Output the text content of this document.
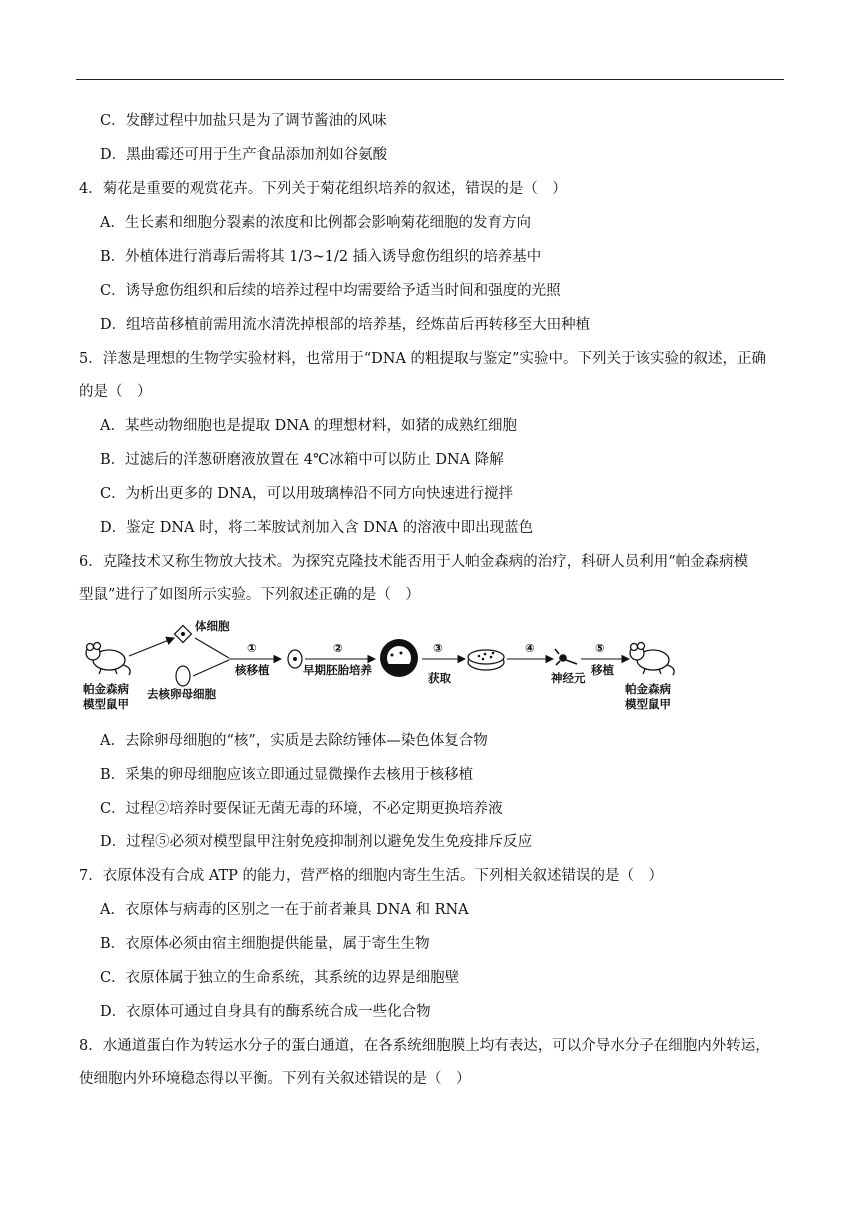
C．发酵过程中加盐只是为了调节酱油的风味
D．黑曲霉还可用于生产食品添加剂如谷氨酸
4．菊花是重要的观赏花卉。下列关于菊花组织培养的叙述，错误的是（　）
A．生长素和细胞分裂素的浓度和比例都会影响菊花细胞的发育方向
B．外植体进行消毒后需将其 1/3~1/2 插入诱导愈伤组织的培养基中
C．诱导愈伤组织和后续的培养过程中均需要给予适当时间和强度的光照
D．组培苗移植前需用流水清洗掉根部的培养基，经炼苗后再转移至大田种植
5．洋葱是理想的生物学实验材料，也常用于“DNA 的粗提取与鉴定”实验中。下列关于该实验的叙述，正确
的是（　）
A．某些动物细胞也是提取 DNA 的理想材料，如猪的成熟红细胞
B．过滤后的洋葱研磨液放置在 4℃冰箱中可以防止 DNA 降解
C．为析出更多的 DNA，可以用玻璃棒沿不同方向快速进行搅拌
D．鉴定 DNA 时，将二苯胺试剂加入含 DNA 的溶液中即出现蓝色
6．克隆技术又称生物放大技术。为探究克隆技术能否用于人帕金森病的治疗，科研人员利用“帕金森病模
型鼠”进行了如图所示实验。下列叙述正确的是（　）
帕金森病
模型鼠甲
体细胞
去核卵母细胞
①
核移植
②
早期胚胎培养
③
获取
④
神经元
⑤
移植
帕金森病
模型鼠甲
A．去除卵母细胞的“核”，实质是去除纺锤体—染色体复合物
B．采集的卵母细胞应该立即通过显微操作去核用于核移植
C．过程②培养时要保证无菌无毒的环境，不必定期更换培养液
D．过程⑤必须对模型鼠甲注射免疫抑制剂以避免发生免疫排斥反应
7．衣原体没有合成 ATP 的能力，营严格的细胞内寄生生活。下列相关叙述错误的是（　）
A．衣原体与病毒的区别之一在于前者兼具 DNA 和 RNA
B．衣原体必须由宿主细胞提供能量，属于寄生生物
C．衣原体属于独立的生命系统，其系统的边界是细胞壁
D．衣原体可通过自身具有的酶系统合成一些化合物
8．水通道蛋白作为转运水分子的蛋白通道，在各系统细胞膜上均有表达，可以介导水分子在细胞内外转运，
使细胞内外环境稳态得以平衡。下列有关叙述错误的是（　）
